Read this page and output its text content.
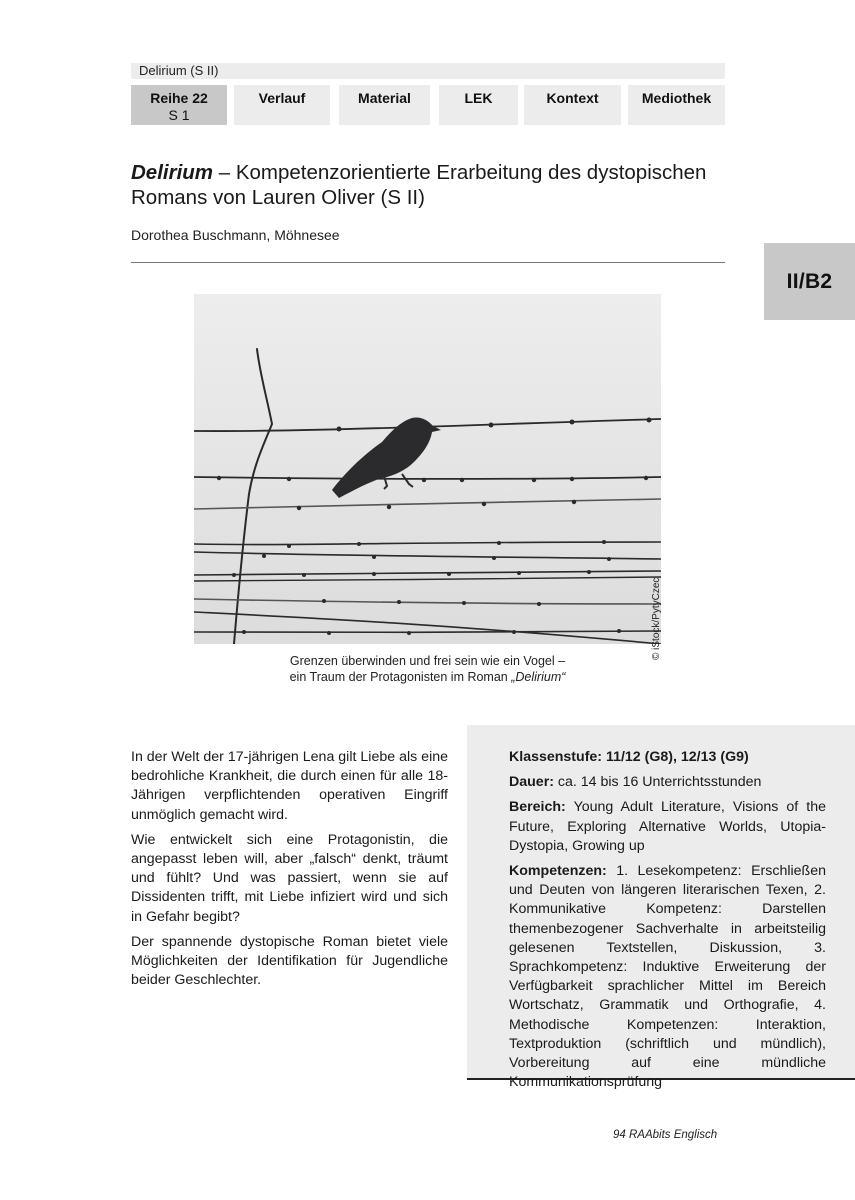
Delirium (S II)
Reihe 22
S 1
Verlauf	Material	LEK	Kontext	Mediothek
II/B2
Delirium – Kompetenzorientierte Erarbeitung des dystopischen Romans von Lauren Oliver (S II)
Dorothea Buschmann, Möhnesee
© iStock/PytyCzec
Grenzen überwinden und frei sein wie ein Vogel –
ein Traum der Protagonisten im Roman „Delirium“

In der Welt der 17-jährigen Lena gilt Liebe als eine bedrohliche Krankheit, die durch einen für alle 18-Jährigen verpflichtenden operativen Eingriff unmöglich gemacht wird.

Wie entwickelt sich eine Protagonistin, die angepasst leben will, aber „falsch“ denkt, träumt und fühlt? Und was passiert, wenn sie auf Dissidenten trifft, mit Liebe infiziert wird und sich in Gefahr begibt?

Der spannende dystopische Roman bietet viele Möglichkeiten der Identifikation für Jugendliche beider Geschlechter.

Klassenstufe: 11/12 (G8), 12/13 (G9)

Dauer: ca. 14 bis 16 Unterrichtsstunden

Bereich: Young Adult Literature, Visions of the Future, Exploring Alternative Worlds, Utopia-Dystopia, Growing up

Kompetenzen: 1. Lesekompetenz: Erschließen und Deuten von längeren literarischen Texen, 2. Kommunikative Kompetenz: Darstellen themenbezogener Sachverhalte in arbeitsteilig gelesenen Textstellen, Diskussion, 3. Sprachkompetenz: Induktive Erweiterung der Verfügbarkeit sprachlicher Mittel im Bereich Wortschatz, Grammatik und Orthografie, 4. Methodische Kompetenzen: Interaktion, Textproduktion (schriftlich und mündlich), Vorbereitung auf eine mündliche Kommunikationsprüfung

94 RAAbits Englisch
